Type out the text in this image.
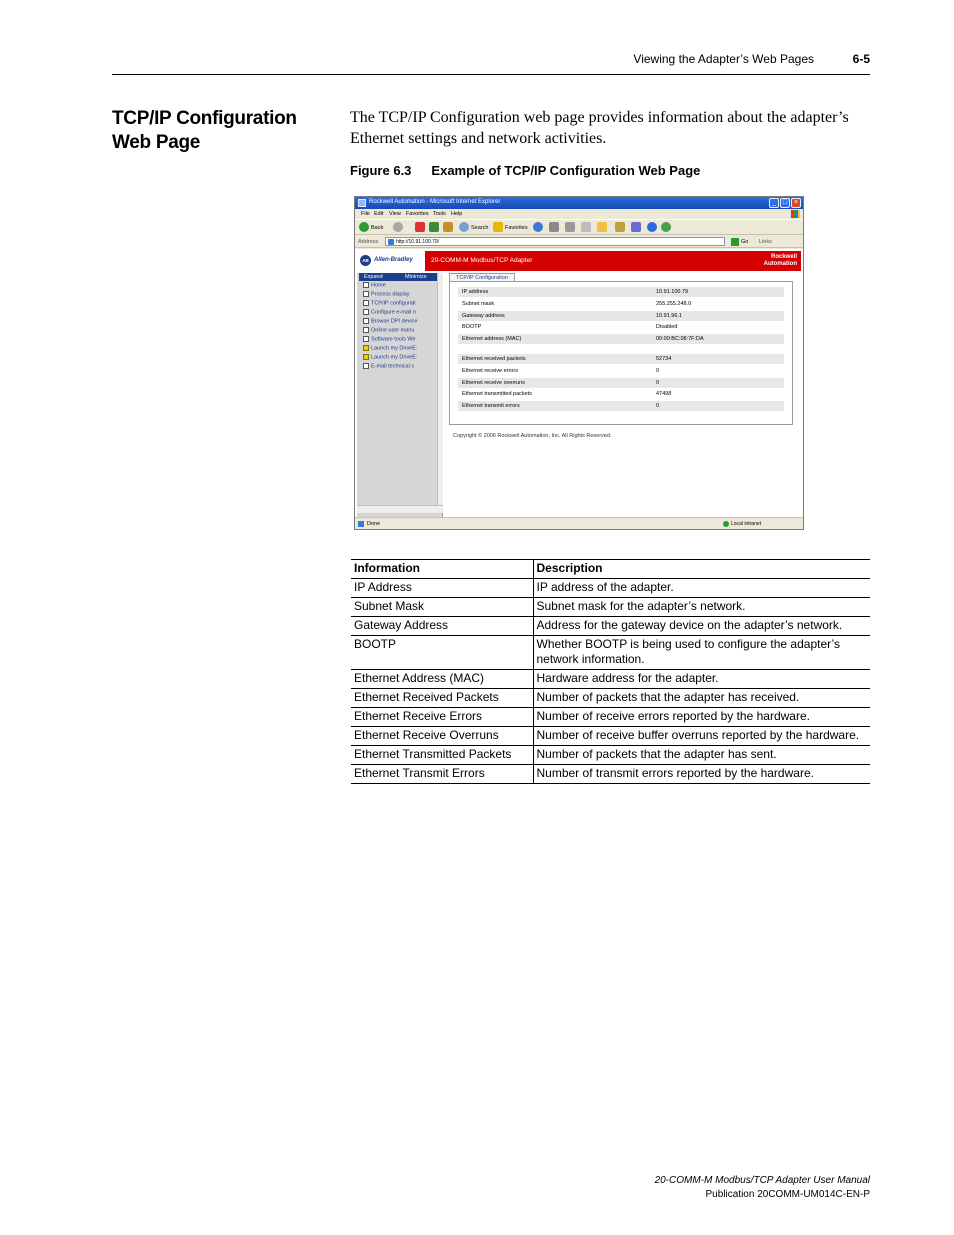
Viewing the Adapter’s Web Pages	6-5
TCP/IP Configuration Web Page

The TCP/IP Configuration web page provides information about the adapter’s Ethernet settings and network activities.

Figure 6.3 Example of TCP/IP Configuration Web Page
Rockwell Automation - Microsoft Internet Explorer	_ □ ×
File Edit View Favorites Tools Help
Back	Search	Favorites
Address	http://10.91.100.79/	Go Links
AB Allen-Bradley	20-COMM-M Modbus/TCP Adapter	Rockwell
Automation
Expand	Minimize
Home
Process display
TCP/IP configurati
Configure e-mail n
Browse DPI device
Online user manu
Software tools We
Launch my DriveE:
Launch my DriveE:
E-mail technical s
TCP/IP Configuration
IP address	10.91.100.79
Subnet mask	255.255.248.0
Gateway address	10.91.96.1
BOOTP	Disabled
Ethernet address (MAC)	00:00:BC:08:7F:DA
Ethernet received packets	52734
Ethernet receive errors	0
Ethernet receive overruns	0
Ethernet transmitted packets	47498
Ethernet transmit errors	0
Copyright © 2006 Rockwell Automation, Inc. All Rights Reserved.
Done	Local intranet
Information	Description
IP Address	IP address of the adapter.
Subnet Mask	Subnet mask for the adapter’s network.
Gateway Address	Address for the gateway device on the adapter’s network.
BOOTP	Whether BOOTP is being used to configure the adapter’s network information.
Ethernet Address (MAC)	Hardware address for the adapter.
Ethernet Received Packets	Number of packets that the adapter has received.
Ethernet Receive Errors	Number of receive errors reported by the hardware.
Ethernet Receive Overruns	Number of receive buffer overruns reported by the hardware.
Ethernet Transmitted Packets	Number of packets that the adapter has sent.
Ethernet Transmit Errors	Number of transmit errors reported by the hardware.
20-COMM-M Modbus/TCP Adapter User Manual
Publication 20COMM-UM014C-EN-P
